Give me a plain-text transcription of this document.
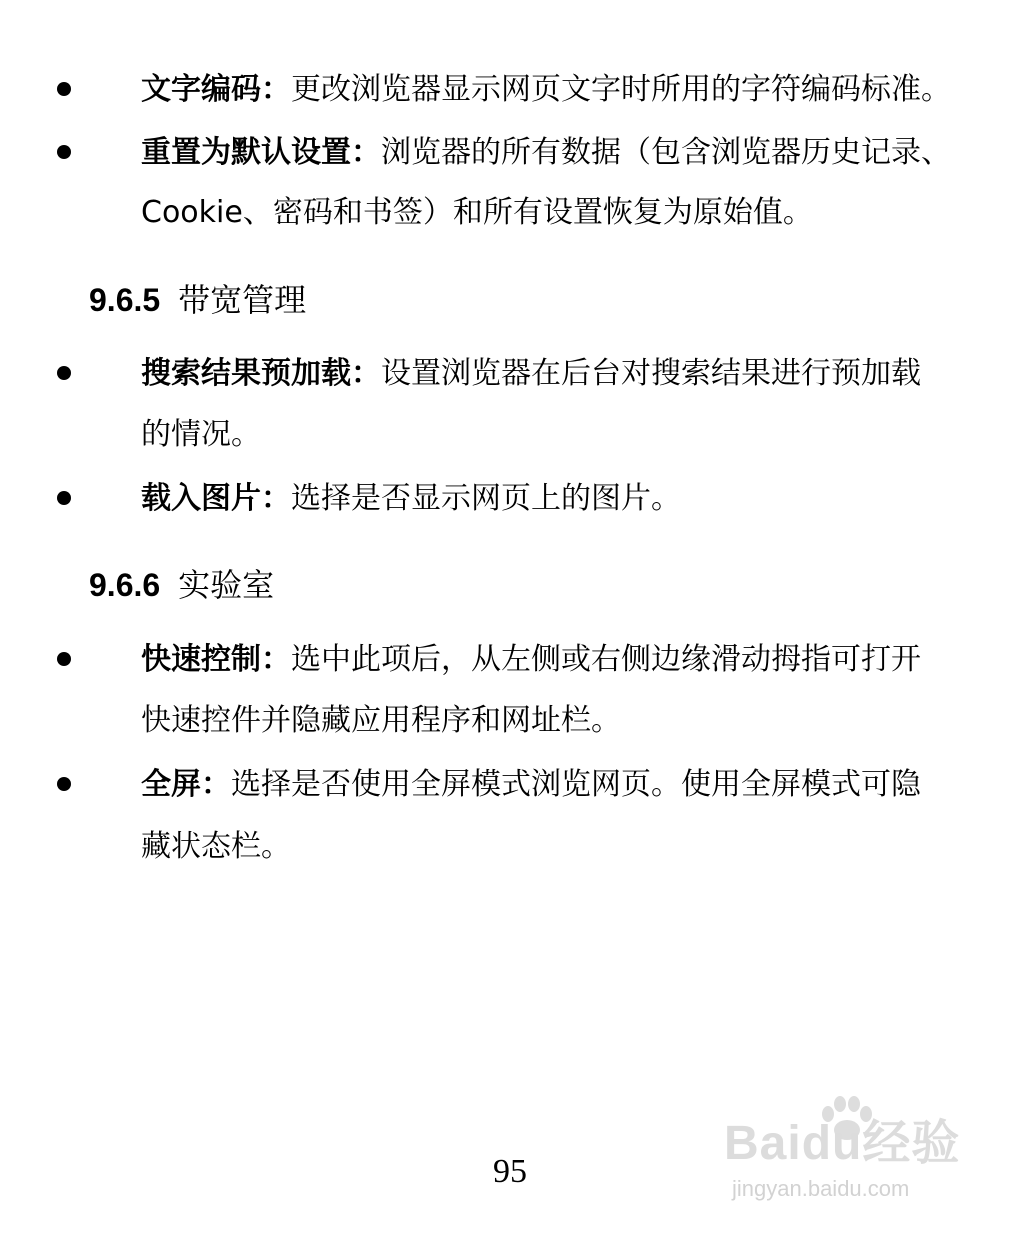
文字编码：更改浏览器显示网页文字时所用的字符编码标准。
重置为默认设置：浏览器的所有数据（包含浏览器历史记录、
Cookie、密码和书签）和所有设置恢复为原始值。
9.6.5 带宽管理
搜索结果预加载：设置浏览器在后台对搜索结果进行预加载
的情况。
载入图片：选择是否显示网页上的图片。
9.6.6 实验室
快速控制：选中此项后，从左侧或右侧边缘滑动拇指可打开
快速控件并隐藏应用程序和网址栏。
全屏：选择是否使用全屏模式浏览网页。使用全屏模式可隐
藏状态栏。
95
Baidu经验
jingyan.baidu.com
